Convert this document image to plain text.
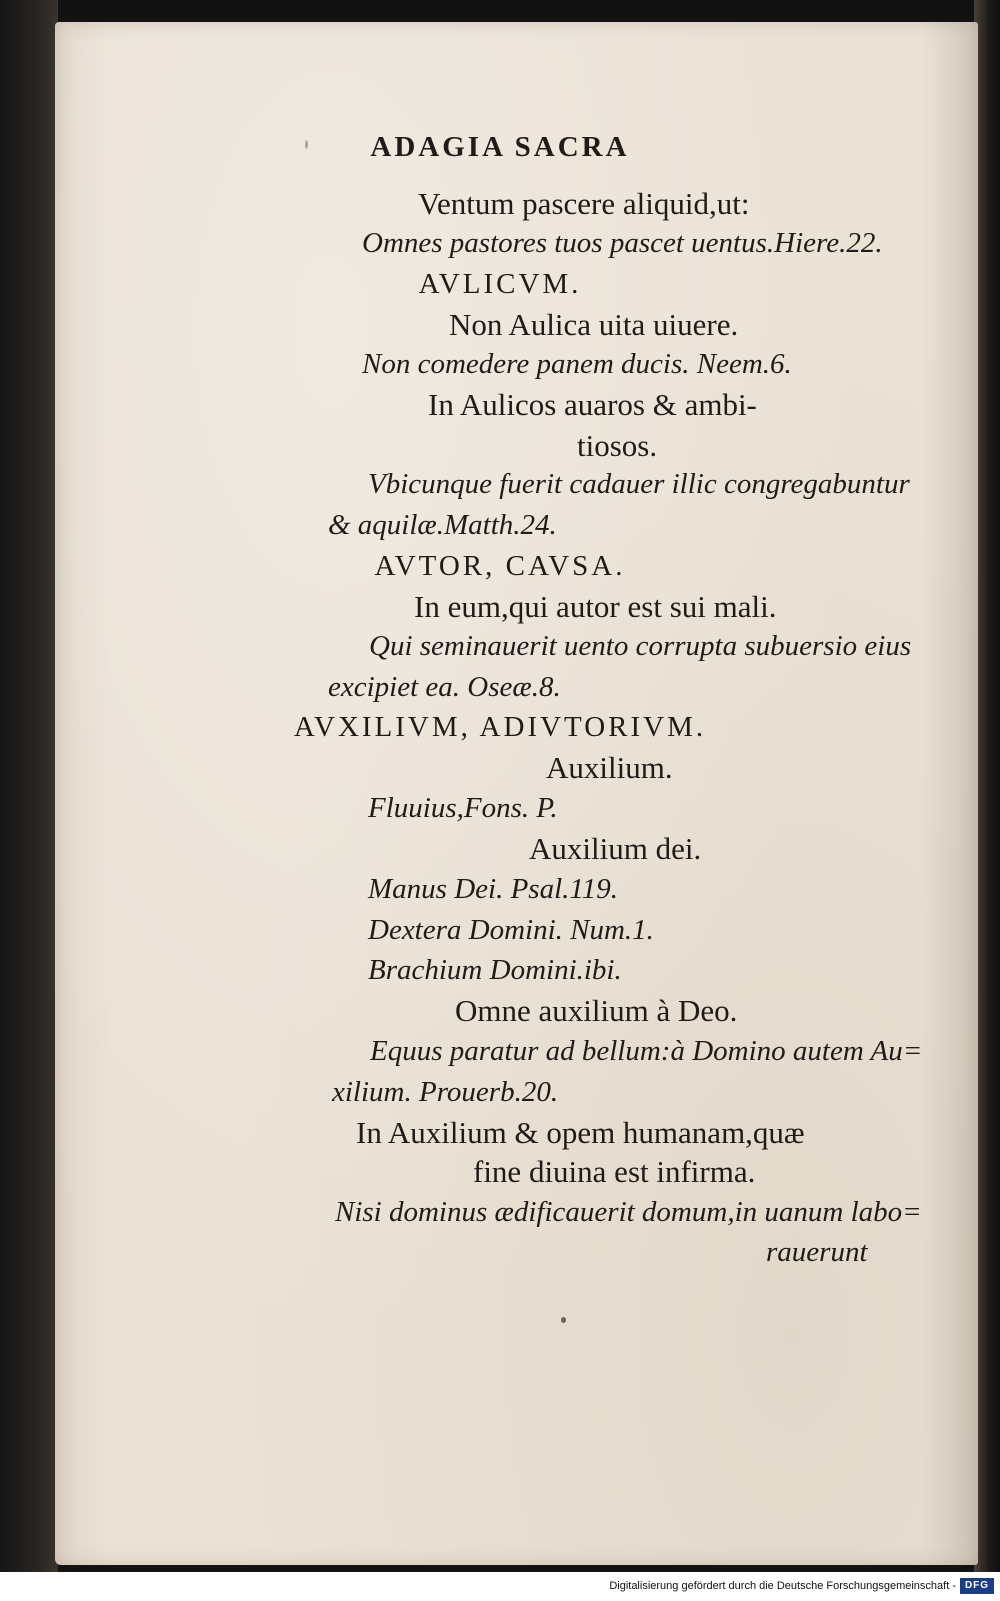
ADAGIA SACRA
Ventum pascere aliquid,ut:
Omnes pastores tuos pascet uentus.Hiere.22.
AVLICVM.
Non Aulica uita uiuere.
Non comedere panem ducis. Neem.6.
In Aulicos auaros & ambi-
tiosos.
Vbicunque fuerit cadauer illic congregabuntur
& aquilæ.Matth.24.
AVTOR, CAVSA.
In eum,qui autor est sui mali.
Qui seminauerit uento corrupta subuersio eius
excipiet ea. Oseæ.8.
AVXILIVM, ADIVTORIVM.
Auxilium.
Fluuius,Fons. P.
Auxilium dei.
Manus Dei. Psal.119.
Dextera Domini. Num.1.
Brachium Domini.ibi.
Omne auxilium à Deo.
Equus paratur ad bellum:à Domino autem Au=
xilium. Prouerb.20.
In Auxilium & opem humanam,quæ
fine diuina est infirma.
Nisi dominus ædificauerit domum,in uanum labo=
rauerunt
Digitalisierung gefördert durch die Deutsche Forschungsgemeinschaft - DFG
